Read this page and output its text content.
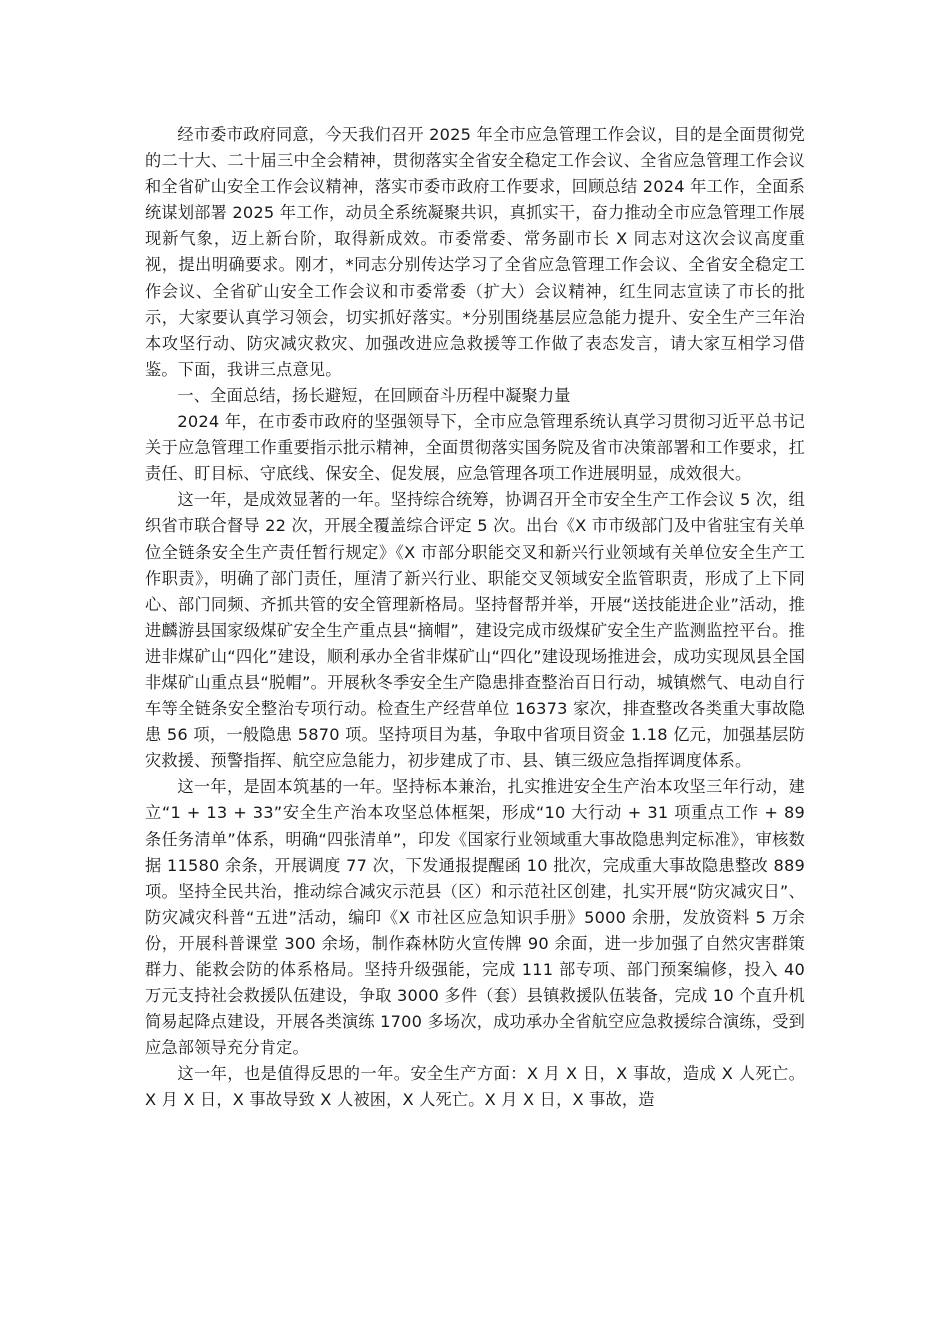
经市委市政府同意，今天我们召开 2025 年全市应急管理工作会议，目的是全面贯彻党的二十大、二十届三中全会精神，贯彻落实全省安全稳定工作会议、全省应急管理工作会议和全省矿山安全工作会议精神，落实市委市政府工作要求，回顾总结 2024 年工作，全面系统谋划部署 2025 年工作，动员全系统凝聚共识，真抓实干，奋力推动全市应急管理工作展现新气象，迈上新台阶，取得新成效。市委常委、常务副市长 X 同志对这次会议高度重视，提出明确要求。刚才，*同志分别传达学习了全省应急管理工作会议、全省安全稳定工作会议、全省矿山安全工作会议和市委常委（扩大）会议精神，红生同志宣读了市长的批示，大家要认真学习领会，切实抓好落实。*分别围绕基层应急能力提升、安全生产三年治本攻坚行动、防灾减灾救灾、加强改进应急救援等工作做了表态发言，请大家互相学习借鉴。下面，我讲三点意见。

一、全面总结，扬长避短，在回顾奋斗历程中凝聚力量

2024 年，在市委市政府的坚强领导下，全市应急管理系统认真学习贯彻习近平总书记关于应急管理工作重要指示批示精神，全面贯彻落实国务院及省市决策部署和工作要求，扛责任、盯目标、守底线、保安全、促发展，应急管理各项工作进展明显，成效很大。

这一年，是成效显著的一年。坚持综合统筹，协调召开全市安全生产工作会议 5 次，组织省市联合督导 22 次，开展全覆盖综合评定 5 次。出台《X 市市级部门及中省驻宝有关单位全链条安全生产责任暂行规定》《X 市部分职能交叉和新兴行业领域有关单位安全生产工作职责》，明确了部门责任，厘清了新兴行业、职能交叉领域安全监管职责，形成了上下同心、部门同频、齐抓共管的安全管理新格局。坚持督帮并举，开展“送技能进企业”活动，推进麟游县国家级煤矿安全生产重点县“摘帽”，建设完成市级煤矿安全生产监测监控平台。推进非煤矿山“四化”建设，顺利承办全省非煤矿山“四化”建设现场推进会，成功实现凤县全国非煤矿山重点县“脱帽”。开展秋冬季安全生产隐患排查整治百日行动，城镇燃气、电动自行车等全链条安全整治专项行动。检查生产经营单位 16373 家次，排查整改各类重大事故隐患 56 项，一般隐患 5870 项。坚持项目为基，争取中省项目资金 1.18 亿元，加强基层防灾救援、预警指挥、航空应急能力，初步建成了市、县、镇三级应急指挥调度体系。

这一年，是固本筑基的一年。坚持标本兼治，扎实推进安全生产治本攻坚三年行动，建立“1 + 13 + 33”安全生产治本攻坚总体框架，形成“10 大行动 + 31 项重点工作 + 89 条任务清单”体系，明确“四张清单”，印发《国家行业领域重大事故隐患判定标准》，审核数据 11580 余条，开展调度 77 次，下发通报提醒函 10 批次，完成重大事故隐患整改 889 项。坚持全民共治，推动综合减灾示范县（区）和示范社区创建，扎实开展“防灾减灾日”、防灾减灾科普“五进”活动，编印《X 市社区应急知识手册》5000 余册，发放资料 5 万余份，开展科普课堂 300 余场，制作森林防火宣传牌 90 余面，进一步加强了自然灾害群策群力、能救会防的体系格局。坚持升级强能，完成 111 部专项、部门预案编修，投入 40 万元支持社会救援队伍建设，争取 3000 多件（套）县镇救援队伍装备，完成 10 个直升机简易起降点建设，开展各类演练 1700 多场次，成功承办全省航空应急救援综合演练，受到应急部领导充分肯定。

这一年，也是值得反思的一年。安全生产方面：X 月 X 日，X 事故，造成 X 人死亡。X 月 X 日，X 事故导致 X 人被困，X 人死亡。X 月 X 日，X 事故，造
